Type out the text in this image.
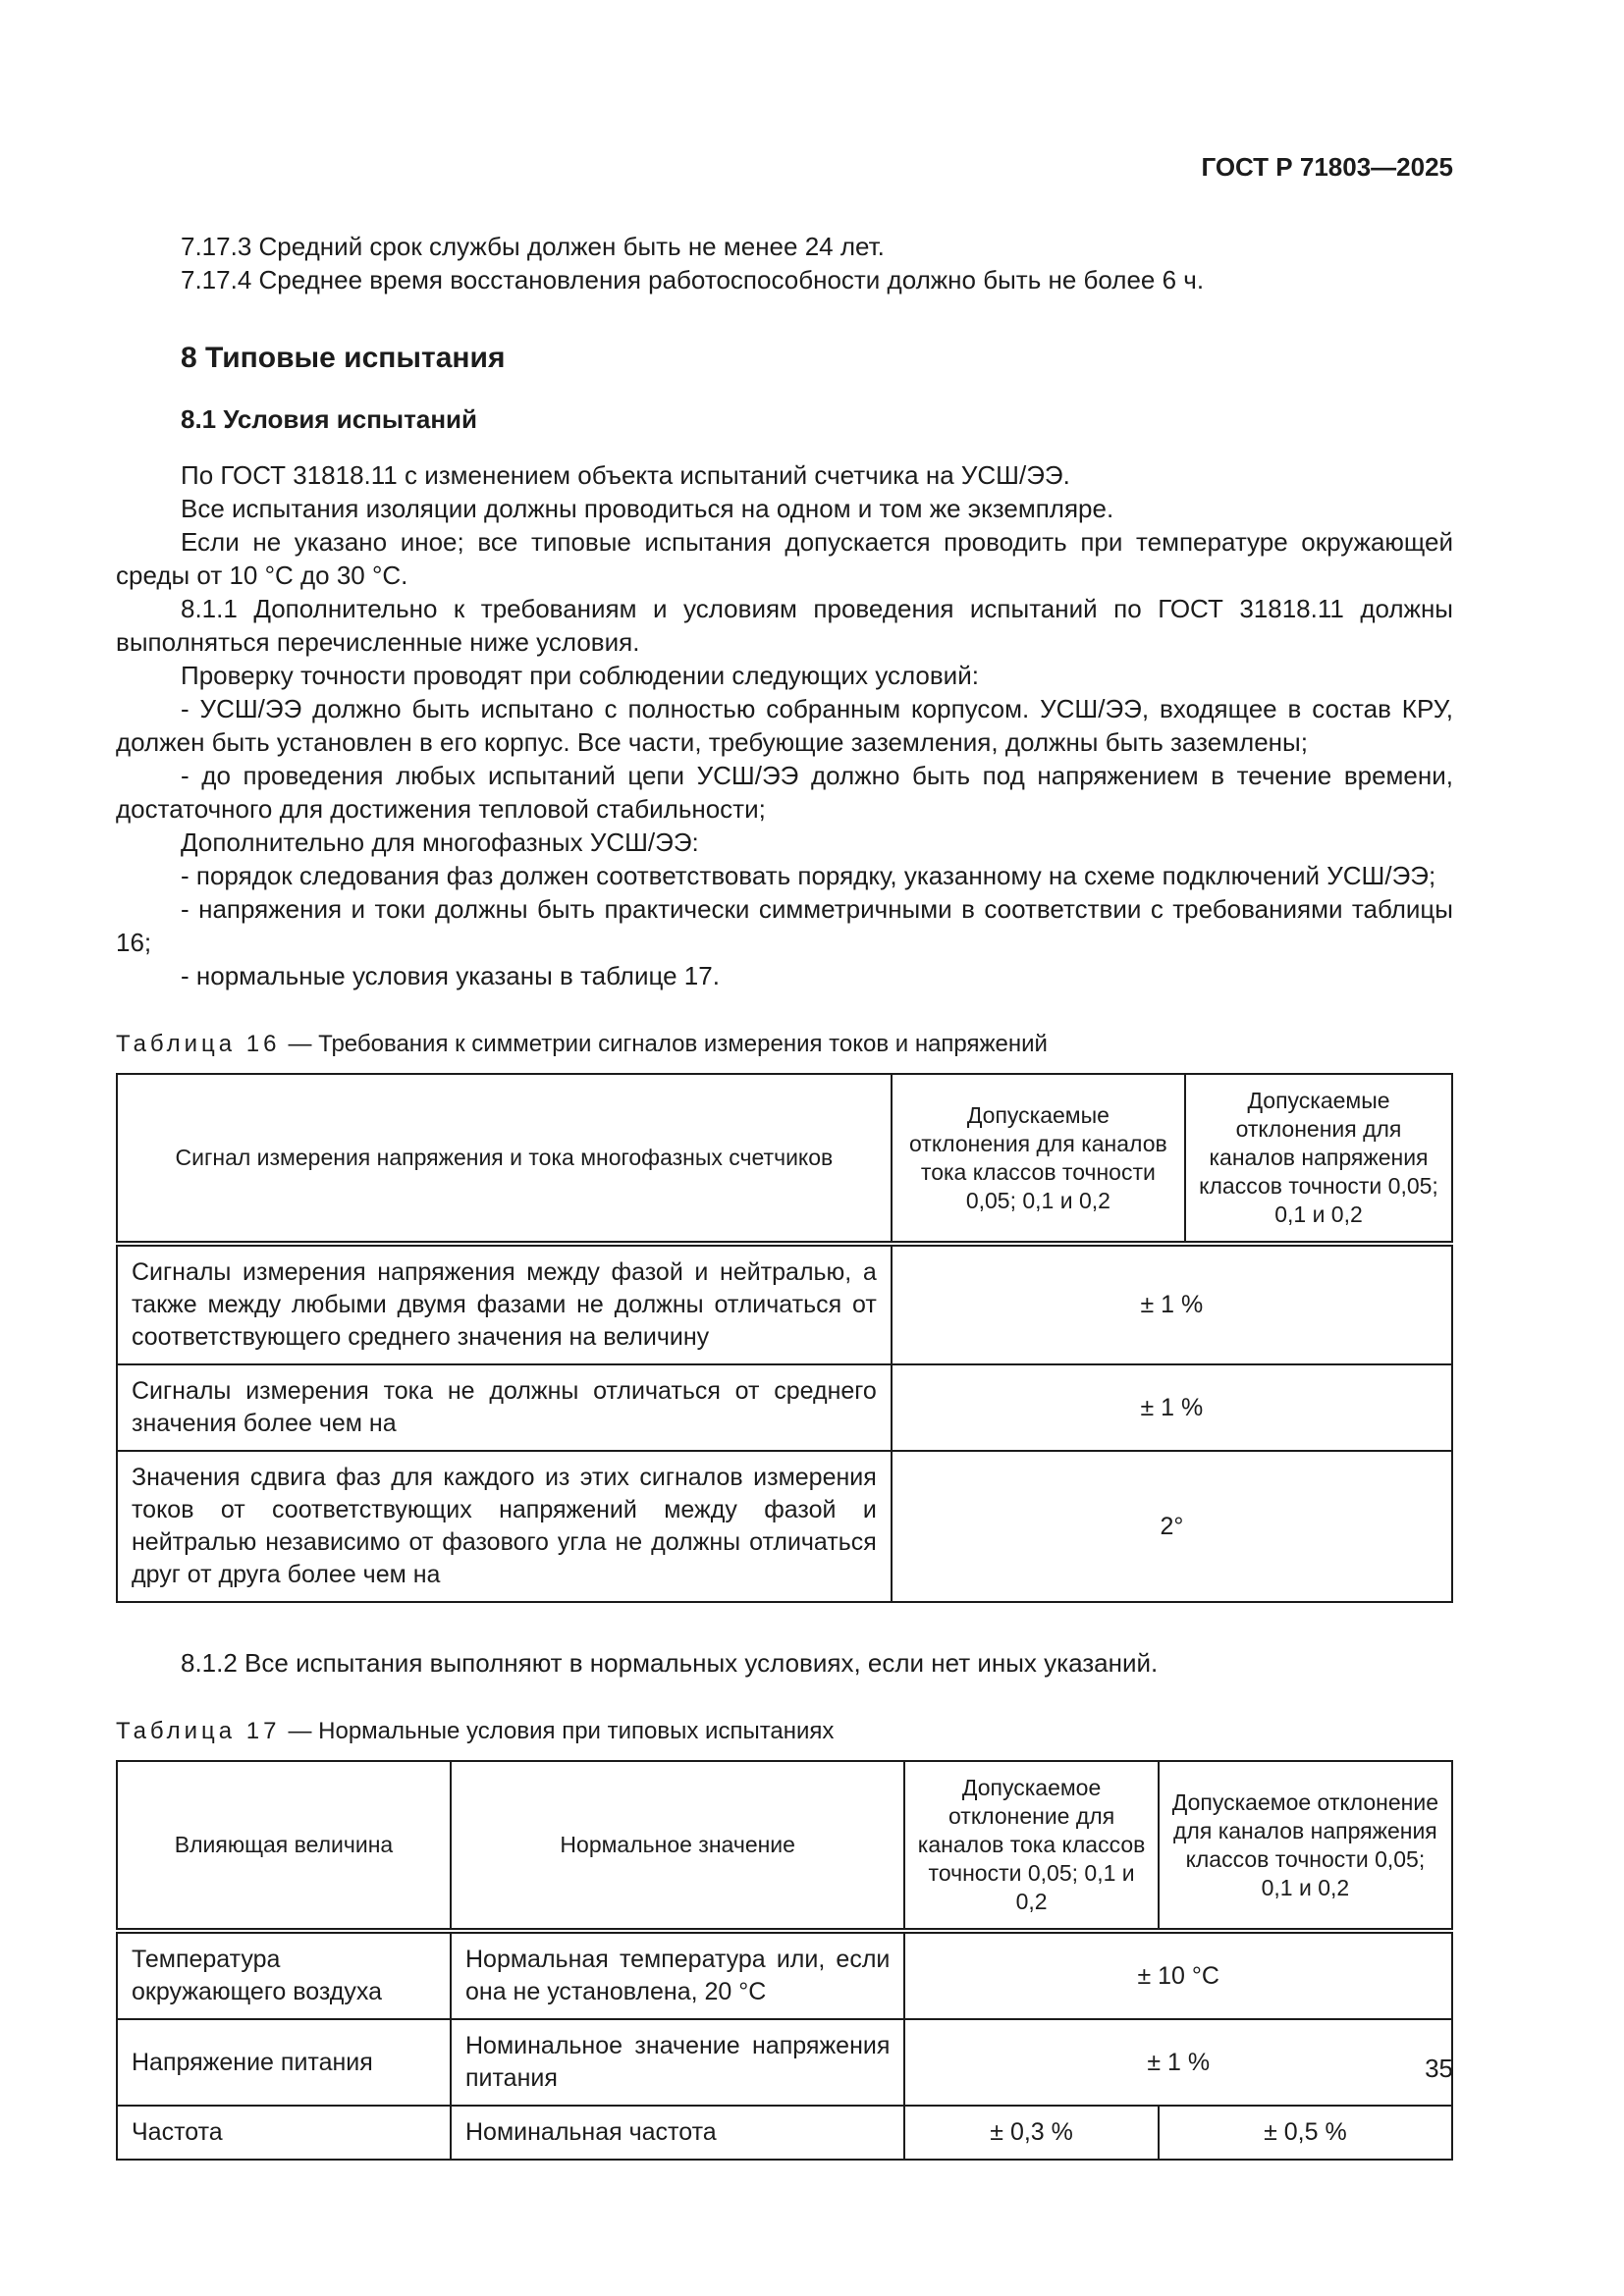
ГОСТ Р 71803—2025

7.17.3 Средний срок службы должен быть не менее 24 лет.

7.17.4 Среднее время восстановления работоспособности должно быть не более 6 ч.

8 Типовые испытания
8.1 Условия испытаний

По ГОСТ 31818.11 с изменением объекта испытаний счетчика на УСШ/ЭЭ.

Все испытания изоляции должны проводиться на одном и том же экземпляре.

Если не указано иное; все типовые испытания допускается проводить при температуре окружающей среды от 10 °С до 30 °С.

8.1.1 Дополнительно к требованиям и условиям проведения испытаний по ГОСТ 31818.11 должны выполняться перечисленные ниже условия.

Проверку точности проводят при соблюдении следующих условий:

- УСШ/ЭЭ должно быть испытано с полностью собранным корпусом. УСШ/ЭЭ, входящее в состав КРУ, должен быть установлен в его корпус. Все части, требующие заземления, должны быть заземлены;

- до проведения любых испытаний цепи УСШ/ЭЭ должно быть под напряжением в течение времени, достаточного для достижения тепловой стабильности;

Дополнительно для многофазных УСШ/ЭЭ:

- порядок следования фаз должен соответствовать порядку, указанному на схеме подключений УСШ/ЭЭ;

- напряжения и токи должны быть практически симметричными в соответствии с требованиями таблицы 16;

- нормальные условия указаны в таблице 17.

Таблица 16 — Требования к симметрии сигналов измерения токов и напряжений
Сигнал измерения напряжения и тока многофазных счетчиков	Допускаемые отклонения для каналов тока классов точности 0,05; 0,1 и 0,2	Допускаемые отклонения для каналов напряжения классов точности 0,05; 0,1 и 0,2
Сигналы измерения напряжения между фазой и нейтралью, а также между любыми двумя фазами не должны отличаться от соответствующего среднего значения на величину	± 1 %	
Сигналы измерения тока не должны отличаться от среднего значения более чем на	± 1 %	
Значения сдвига фаз для каждого из этих сигналов измерения токов от соответствующих напряжений между фазой и нейтралью независимо от фазового угла не должны отличаться друг от друга более чем на	2°	

8.1.2 Все испытания выполняют в нормальных условиях, если нет иных указаний.

Таблица 17 — Нормальные условия при типовых испытаниях
Влияющая величина	Нормальное значение	Допускаемое отклонение для каналов тока классов точности 0,05; 0,1 и 0,2	Допускаемое отклонение для каналов напряжения классов точности 0,05; 0,1 и 0,2
Температура окружающего воздуха	Нормальная температура или, если она не установлена, 20 °С	± 10 °С	
Напряжение питания	Номинальное значение напряжения питания	± 1 %	
Частота	Номинальная частота	± 0,3 %	± 0,5 %
35
